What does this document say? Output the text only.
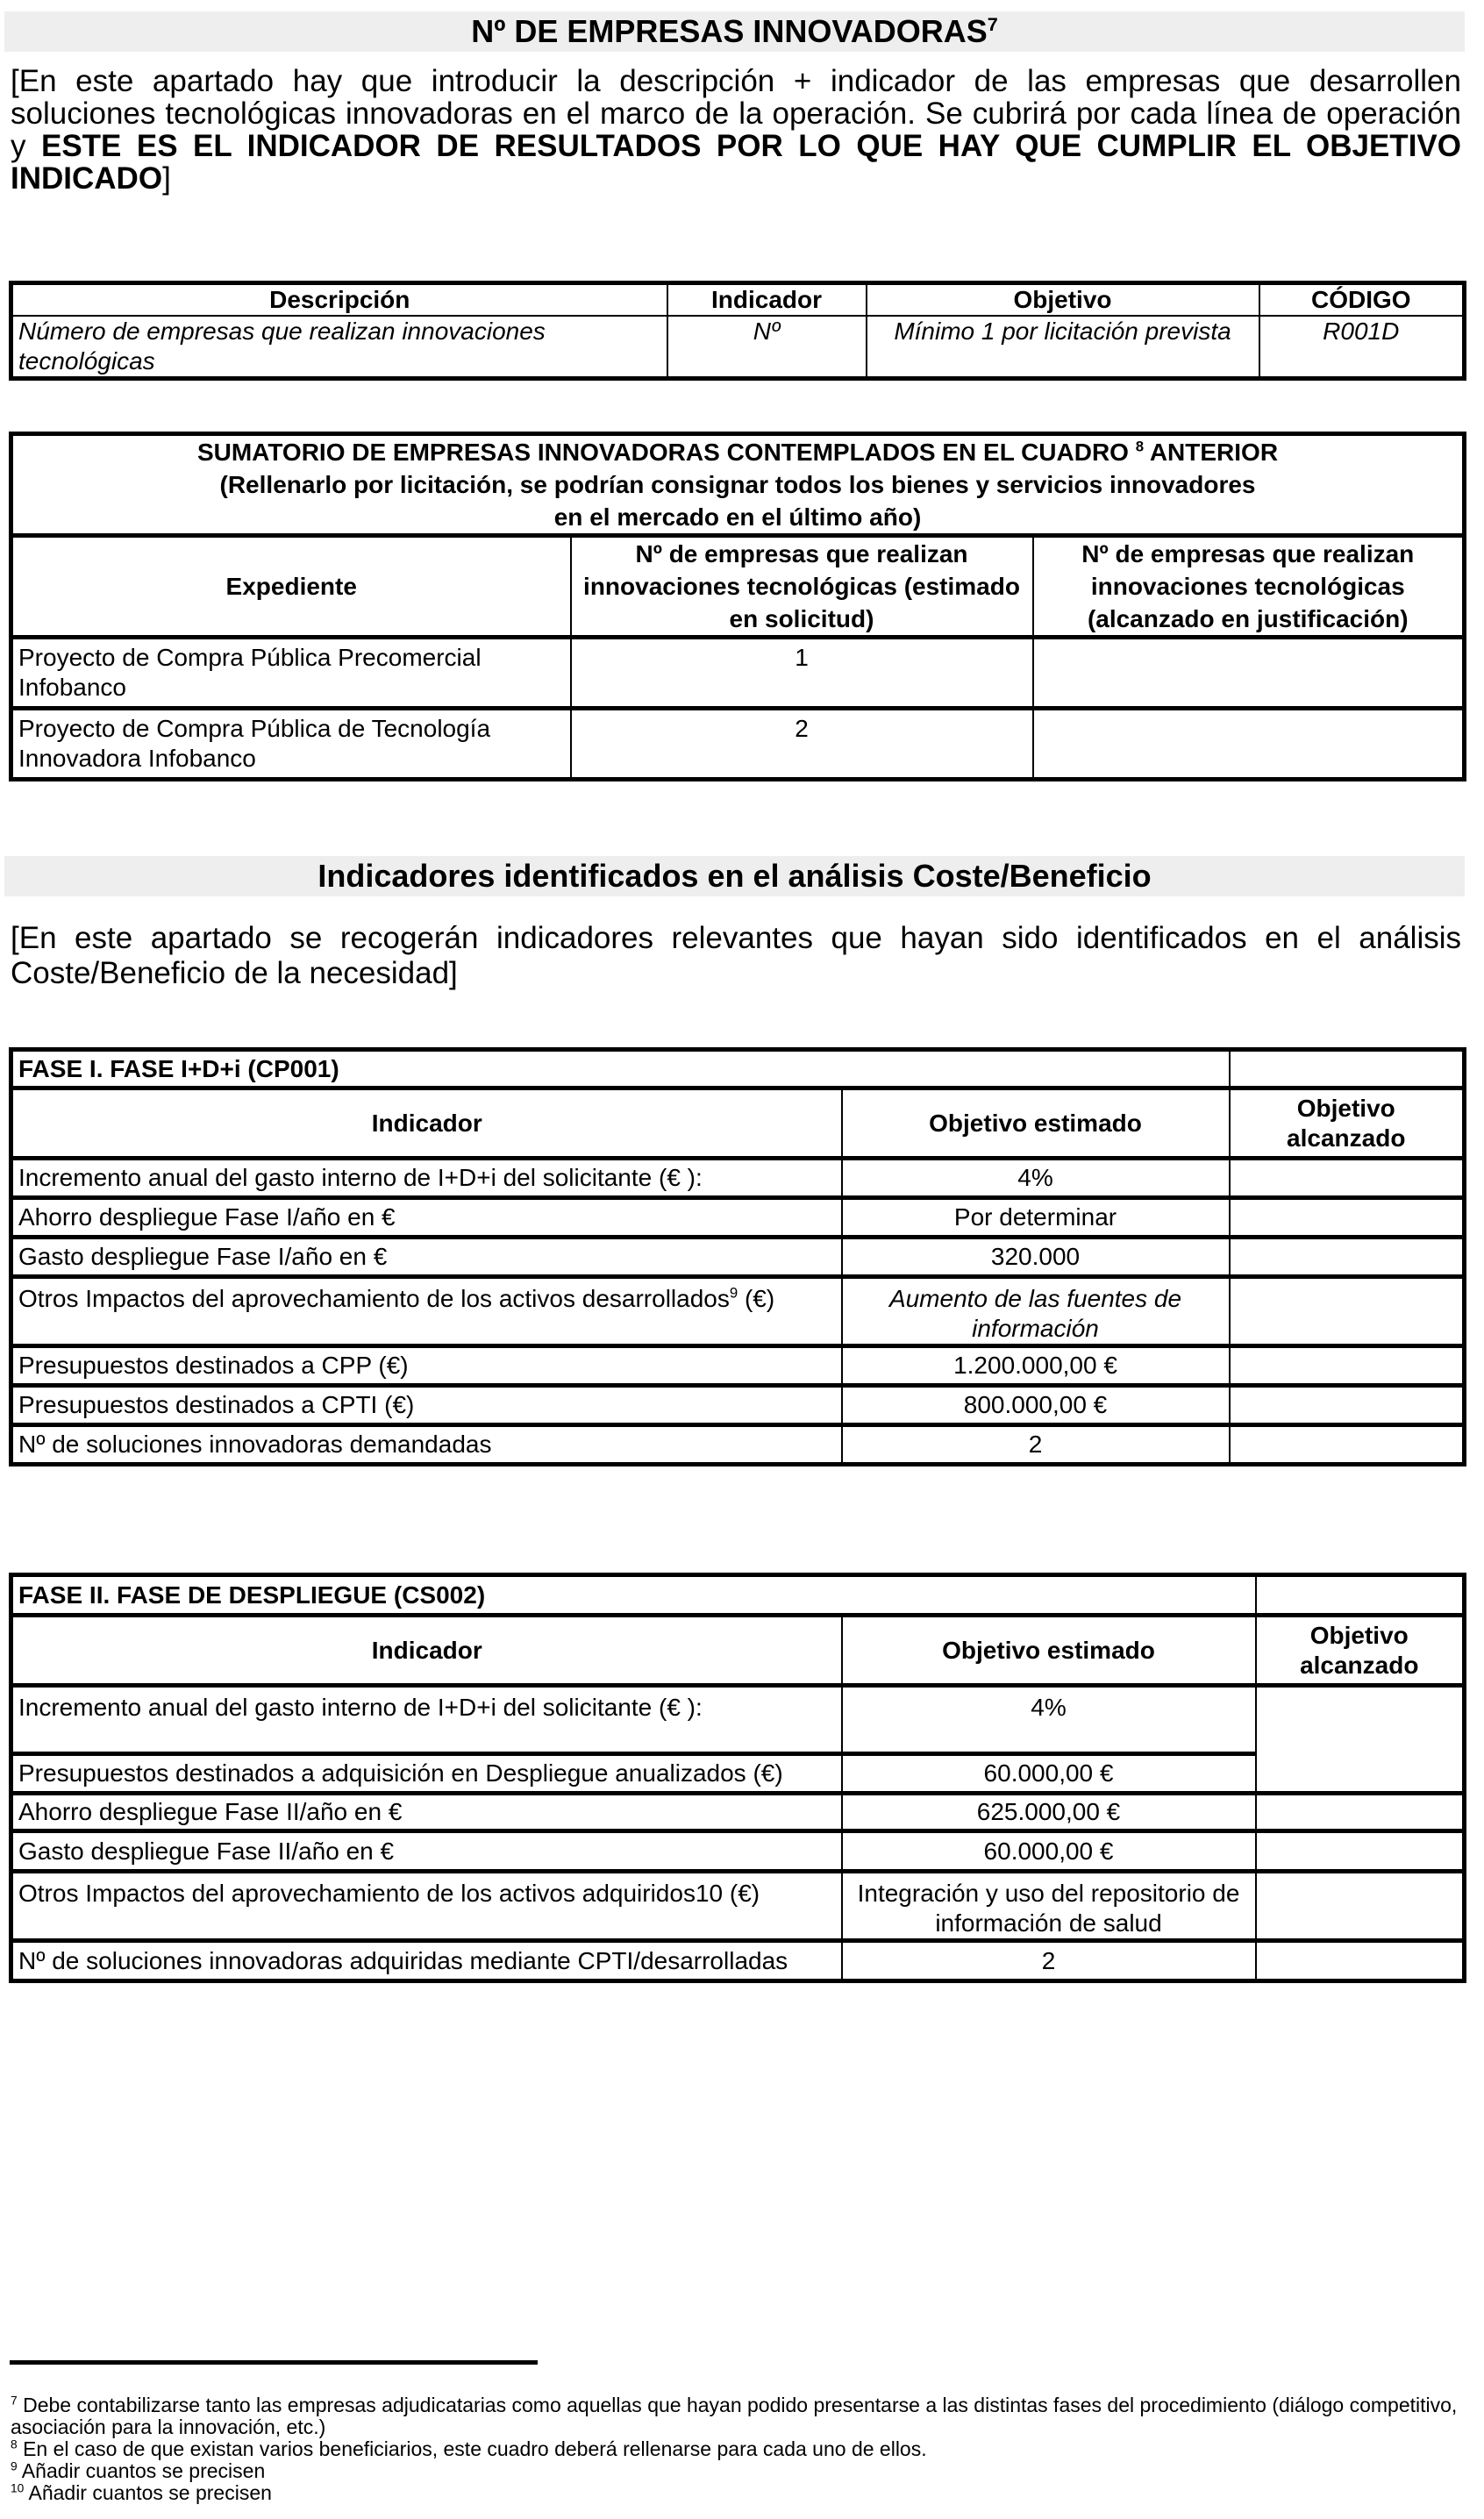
Nº DE EMPRESAS INNOVADORAS$^7$
[En este apartado hay que introducir la descripción + indicador de las empresas que desarrollen soluciones tecnológicas innovadoras en el marco de la operación. Se cubrirá por cada línea de operación y ESTE ES EL INDICADOR DE RESULTADOS POR LO QUE HAY QUE CUMPLIR EL OBJETIVO INDICADO]
Descripción	Indicador	Objetivo	CÓDIGO
Número de empresas que realizan innovaciones tecnológicas	Nº	Mínimo 1 por licitación prevista	R001D
SUMATORIO DE EMPRESAS INNOVADORAS CONTEMPLADOS EN EL CUADRO $^8$ ANTERIOR
(Rellenarlo por licitación, se podrían consignar todos los bienes y servicios innovadores
en el mercado en el último año)		
Expediente	Nº de empresas que realizan innovaciones tecnológicas (estimado en solicitud)	Nº de empresas que realizan innovaciones tecnológicas (alcanzado en justificación)
Proyecto de Compra Pública Precomercial Infobanco	1	
Proyecto de Compra Pública de Tecnología Innovadora Infobanco	2	
Indicadores identificados en el análisis Coste/Beneficio
[En este apartado se recogerán indicadores relevantes que hayan sido identificados en el análisis Coste/Beneficio de la necesidad]
FASE I. FASE I+D+i (CP001)		
Indicador	Objetivo estimado	Objetivo alcanzado
Incremento anual del gasto interno de I+D+i del solicitante (€ ):	4%	
Ahorro despliegue Fase I/año en €	Por determinar	
Gasto despliegue Fase I/año en €	320.000	
Otros Impactos del aprovechamiento de los activos desarrollados$^9$ (€)	Aumento de las fuentes de información	
Presupuestos destinados a CPP (€)	1.200.000,00 €	
Presupuestos destinados a CPTI (€)	800.000,00 €	
Nº de soluciones innovadoras demandadas	2	
FASE II. FASE DE DESPLIEGUE (CS002)		
Indicador	Objetivo estimado	Objetivo alcanzado
Incremento anual del gasto interno de I+D+i del solicitante (€ ):	4%	
Presupuestos destinados a adquisición en Despliegue anualizados (€)	60.000,00 €	
Ahorro despliegue Fase II/año en €	625.000,00 €	
Gasto despliegue Fase II/año en €	60.000,00 €	
Otros Impactos del aprovechamiento de los activos adquiridos10 (€)	Integración y uso del repositorio de información de salud	
Nº de soluciones innovadoras adquiridas mediante CPTI/desarrolladas	2	
$^7$ Debe contabilizarse tanto las empresas adjudicatarias como aquellas que hayan podido presentarse a las distintas fases del procedimiento (diálogo competitivo, asociación para la innovación, etc.)
$^8$ En el caso de que existan varios beneficiarios, este cuadro deberá rellenarse para cada uno de ellos.
$^9$ Añadir cuantos se precisen
$^{10}$ Añadir cuantos se precisen
